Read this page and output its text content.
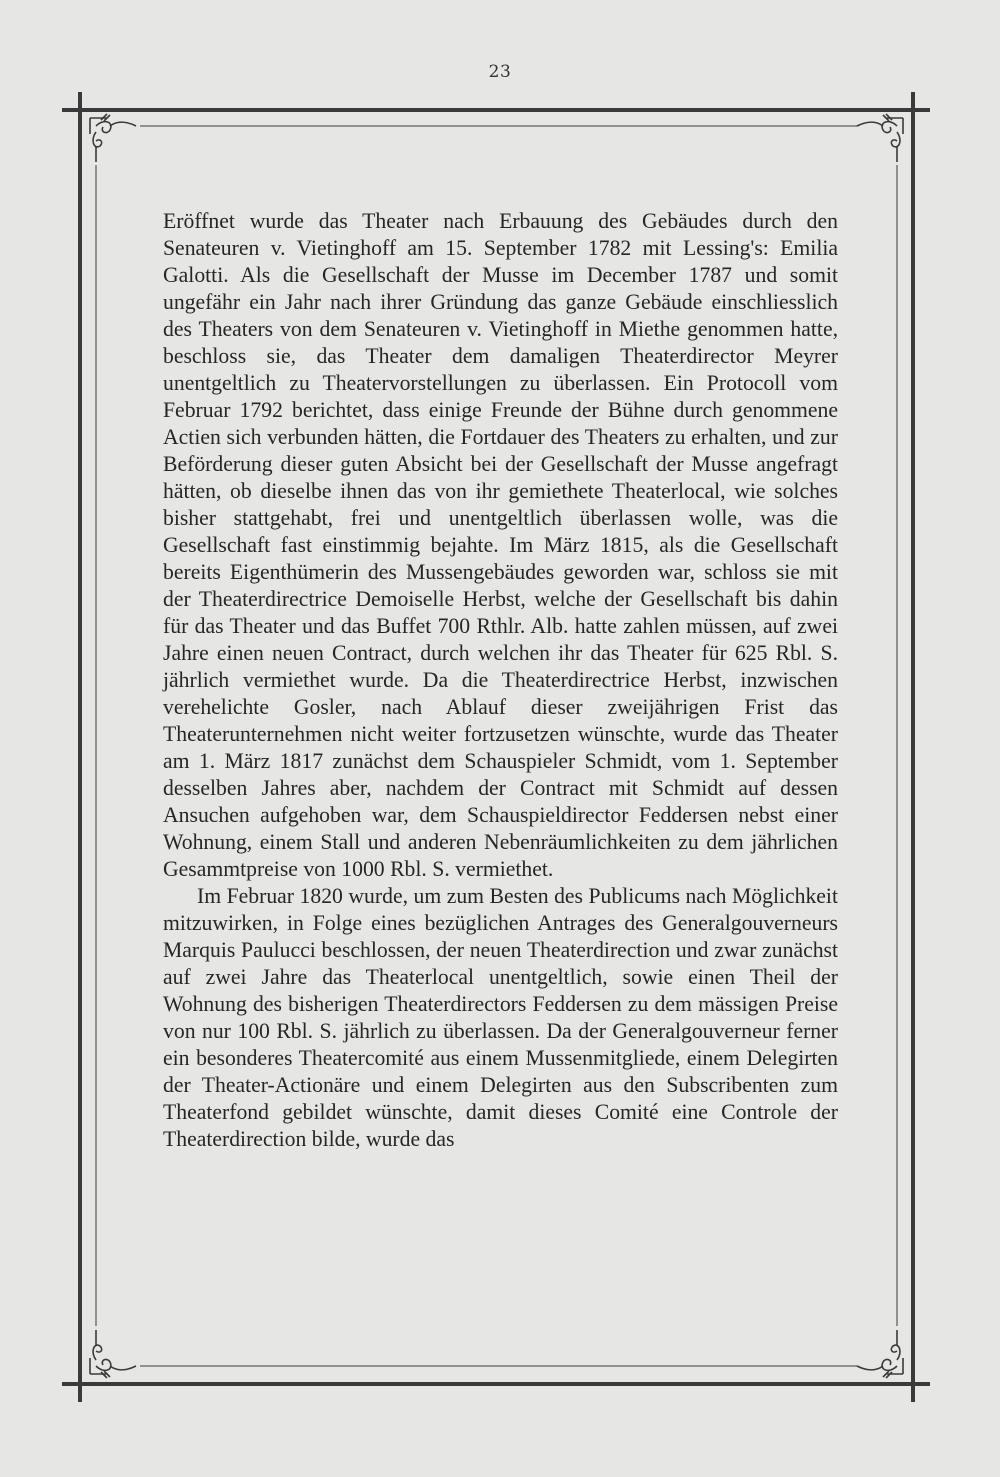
23

Eröffnet wurde das Theater nach Erbauung des Gebäudes durch den Senateuren v. Vietinghoff am 15. September 1782 mit Lessing's: Emilia Galotti. Als die Gesellschaft der Musse im December 1787 und somit ungefähr ein Jahr nach ihrer Gründung das ganze Gebäude einschliesslich des Theaters von dem Senateuren v. Vietinghoff in Miethe genommen hatte, beschloss sie, das Theater dem damaligen Theaterdirector Meyrer unentgeltlich zu Theatervorstellungen zu überlassen. Ein Protocoll vom Februar 1792 berichtet, dass einige Freunde der Bühne durch genommene Actien sich verbunden hätten, die Fortdauer des Theaters zu erhalten, und zur Beförderung dieser guten Absicht bei der Gesellschaft der Musse angefragt hätten, ob dieselbe ihnen das von ihr gemiethete Theaterlocal, wie solches bisher stattgehabt, frei und unentgeltlich überlassen wolle, was die Gesellschaft fast einstimmig bejahte. Im März 1815, als die Gesellschaft bereits Eigenthümerin des Mussengebäudes geworden war, schloss sie mit der Theaterdirectrice Demoiselle Herbst, welche der Gesellschaft bis dahin für das Theater und das Buffet 700 Rthlr. Alb. hatte zahlen müssen, auf zwei Jahre einen neuen Contract, durch welchen ihr das Theater für 625 Rbl. S. jährlich vermiethet wurde. Da die Theaterdirectrice Herbst, inzwischen verehelichte Gosler, nach Ablauf dieser zweijährigen Frist das Theaterunternehmen nicht weiter fortzusetzen wünschte, wurde das Theater am 1. März 1817 zunächst dem Schauspieler Schmidt, vom 1. September desselben Jahres aber, nachdem der Contract mit Schmidt auf dessen Ansuchen aufgehoben war, dem Schauspieldirector Feddersen nebst einer Wohnung, einem Stall und anderen Nebenräumlichkeiten zu dem jährlichen Gesammtpreise von 1000 Rbl. S. vermiethet.

Im Februar 1820 wurde, um zum Besten des Publicums nach Möglichkeit mitzuwirken, in Folge eines bezüglichen Antrages des Generalgouverneurs Marquis Paulucci beschlossen, der neuen Theaterdirection und zwar zunächst auf zwei Jahre das Theaterlocal unentgeltlich, sowie einen Theil der Wohnung des bisherigen Theaterdirectors Feddersen zu dem mässigen Preise von nur 100 Rbl. S. jährlich zu überlassen. Da der Generalgouverneur ferner ein besonderes Theatercomité aus einem Mussenmitgliede, einem Delegirten der Theater-Actionäre und einem Delegirten aus den Subscribenten zum Theaterfond gebildet wünschte, damit dieses Comité eine Controle der Theaterdirection bilde, wurde das
